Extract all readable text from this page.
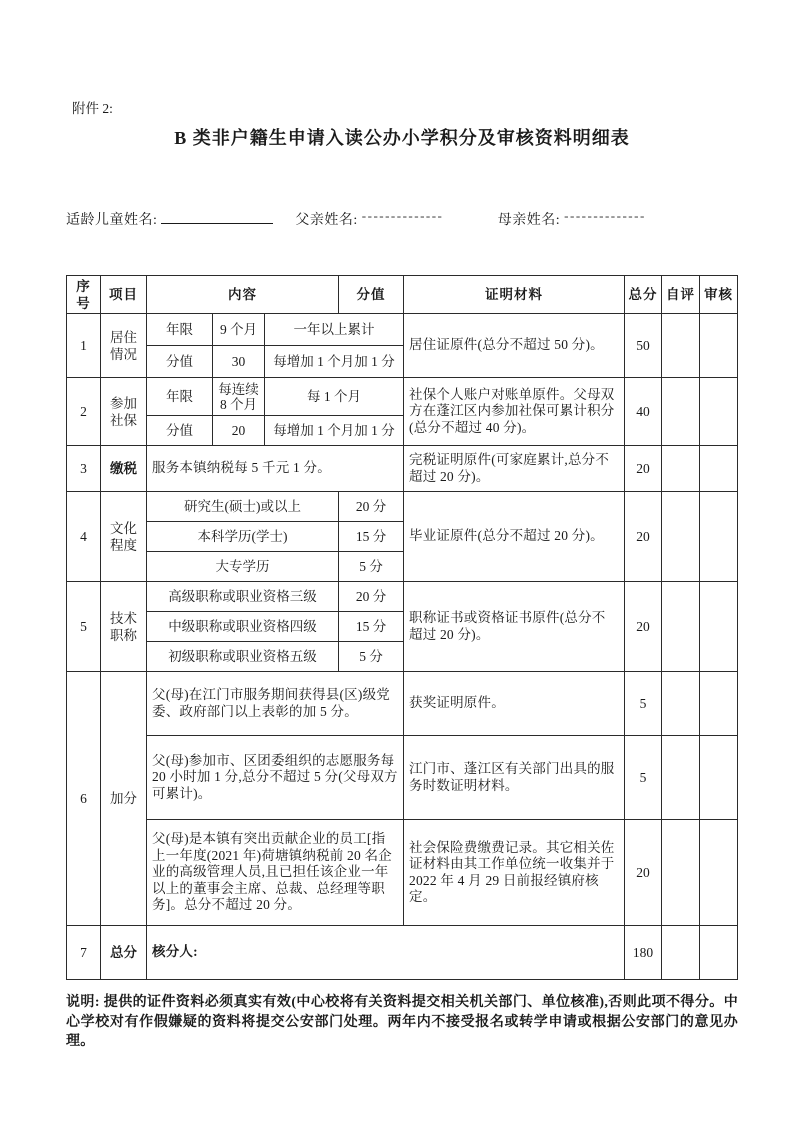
附件 2:
B 类非户籍生申请入读公办小学积分及审核资料明细表
适龄儿童姓名:	父亲姓名: --------------	母亲姓名: --------------
序号	项目	内容			分值	证明材料	总分	自评	审核
1	居住情况	年限	9 个月	一年以上累计		居住证原件(总分不超过 50 分)。	50		
		分值	30	每增加 1 个月加 1 分					
2	参加社保	年限	每连续 8 个月	每 1 个月		社保个人账户对账单原件。父母双方在蓬江区内参加社保可累计积分(总分不超过 40 分)。	40		
		分值	20	每增加 1 个月加 1 分					
3	缴税	服务本镇纳税每 5 千元 1 分。				完税证明原件(可家庭累计,总分不超过 20 分)。	20		
4	文化程度	研究生(硕士)或以上			20 分	毕业证原件(总分不超过 20 分)。	20		
		本科学历(学士)			15 分				
		大专学历			5 分				
5	技术职称	高级职称或职业资格三级			20 分	职称证书或资格证书原件(总分不超过 20 分)。	20		
		中级职称或职业资格四级			15 分				
		初级职称或职业资格五级			5 分				
6	加分	父(母)在江门市服务期间获得县(区)级党委、政府部门以上表彰的加 5 分。				获奖证明原件。	5		
		父(母)参加市、区团委组织的志愿服务每 20 小时加 1 分,总分不超过 5 分(父母双方可累计)。				江门市、蓬江区有关部门出具的服务时数证明材料。	5		
		父(母)是本镇有突出贡献企业的员工[指上一年度(2021 年)荷塘镇纳税前 20 名企业的高级管理人员,且已担任该企业一年以上的董事会主席、总裁、总经理等职务]。总分不超过 20 分。				社会保险费缴费记录。其它相关佐证材料由其工作单位统一收集并于 2022 年 4 月 29 日前报经镇府核定。	20		
7	总分	核分人:					180		
说明: 提供的证件资料必须真实有效(中心校将有关资料提交相关机关部门、单位核准),否则此项不得分。中心学校对有作假嫌疑的资料将提交公安部门处理。两年内不接受报名或转学申请或根据公安部门的意见办理。
